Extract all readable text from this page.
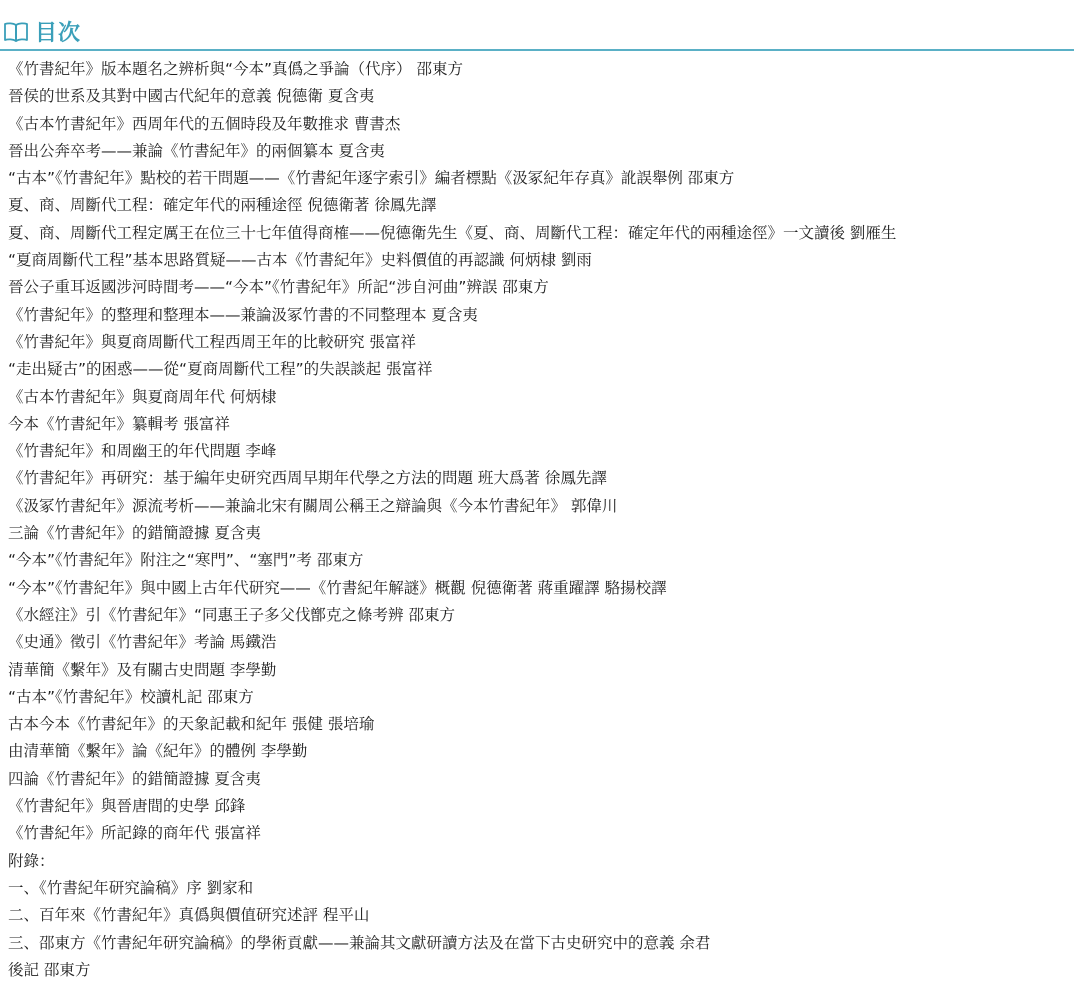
目次
《竹書紀年》版本題名之辨析與“今本”真僞之爭論（代序） 邵東方
晉侯的世系及其對中國古代紀年的意義 倪德衛 夏含夷
《古本竹書紀年》西周年代的五個時段及年數推求 曹書杰
晉出公奔卒考——兼論《竹書紀年》的兩個纂本 夏含夷
“古本”《竹書紀年》點校的若干問題——《竹書紀年逐字索引》編者標點《汲冢紀年存真》訛誤舉例 邵東方
夏、商、周斷代工程：確定年代的兩種途徑 倪德衛著 徐鳳先譯
夏、商、周斷代工程定厲王在位三十七年值得商榷——倪德衛先生《夏、商、周斷代工程：確定年代的兩種途徑》一文讀後 劉雁生
“夏商周斷代工程”基本思路質疑——古本《竹書紀年》史料價值的再認識 何炳棣 劉雨
晉公子重耳返國涉河時間考——“今本”《竹書紀年》所記“涉自河曲”辨誤 邵東方
《竹書紀年》的整理和整理本——兼論汲冢竹書的不同整理本 夏含夷
《竹書紀年》與夏商周斷代工程西周王年的比較研究 張富祥
“走出疑古”的困惑——從“夏商周斷代工程”的失誤談起 張富祥
《古本竹書紀年》與夏商周年代 何炳棣
今本《竹書紀年》纂輯考 張富祥
《竹書紀年》和周幽王的年代問題 李峰
《竹書紀年》再研究：基于編年史研究西周早期年代學之方法的問題 班大爲著 徐鳳先譯
《汲冢竹書紀年》源流考析——兼論北宋有關周公稱王之辯論與《今本竹書紀年》 郭偉川
三論《竹書紀年》的錯簡證據 夏含夷
“今本”《竹書紀年》附注之“寒門”、“塞門”考 邵東方
“今本”《竹書紀年》與中國上古年代研究——《竹書紀年解謎》概觀 倪德衛著 蔣重躍譯 駱揚校譯
《水經注》引《竹書紀年》“同惠王子多父伐鄫克之條考辨 邵東方
《史通》徵引《竹書紀年》考論 馬鐵浩
清華簡《繫年》及有關古史問題 李學勤
“古本”《竹書紀年》校讀札記 邵東方
古本今本《竹書紀年》的天象記載和紀年 張健 張培瑜
由清華簡《繫年》論《紀年》的體例 李學勤
四論《竹書紀年》的錯簡證據 夏含夷
《竹書紀年》與晉唐間的史學 邱鋒
《竹書紀年》所記錄的商年代 張富祥
附錄：
一、《竹書紀年研究論稿》序 劉家和
二、百年來《竹書紀年》真僞與價值研究述評 程平山
三、邵東方《竹書紀年研究論稿》的學術貢獻——兼論其文獻研讀方法及在當下古史研究中的意義 余君
後記 邵東方
